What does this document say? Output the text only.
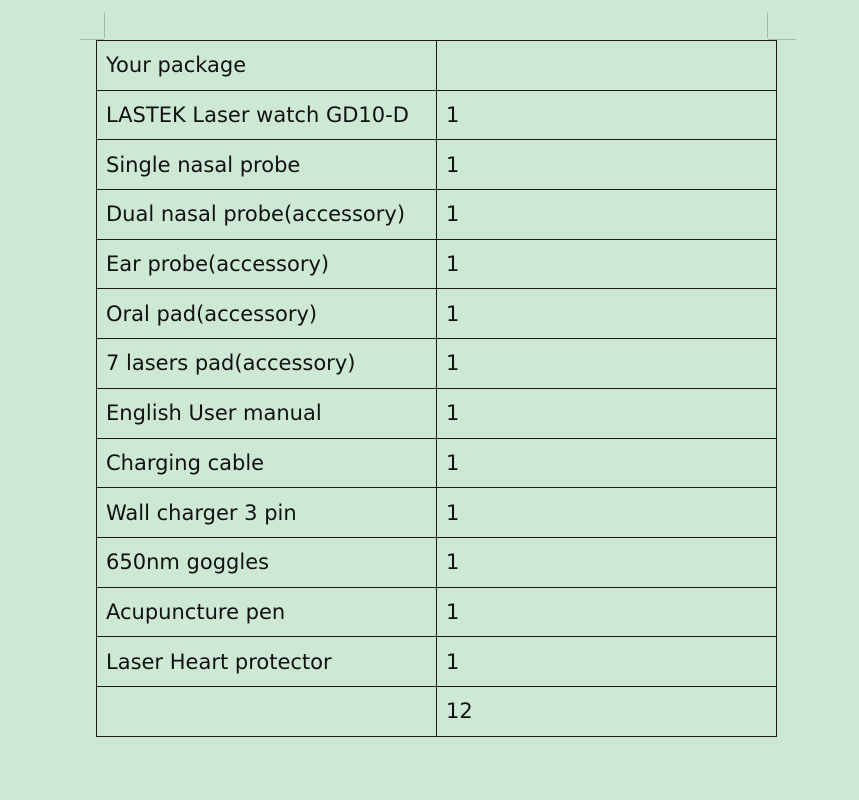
Your package	
LASTEK Laser watch GD10-D	1
Single nasal probe	1
Dual nasal probe(accessory)	1
Ear probe(accessory)	1
Oral pad(accessory)	1
7 lasers pad(accessory)	1
English User manual	1
Charging cable	1
Wall charger 3 pin	1
650nm goggles	1
Acupuncture pen	1
Laser Heart protector	1
	12
